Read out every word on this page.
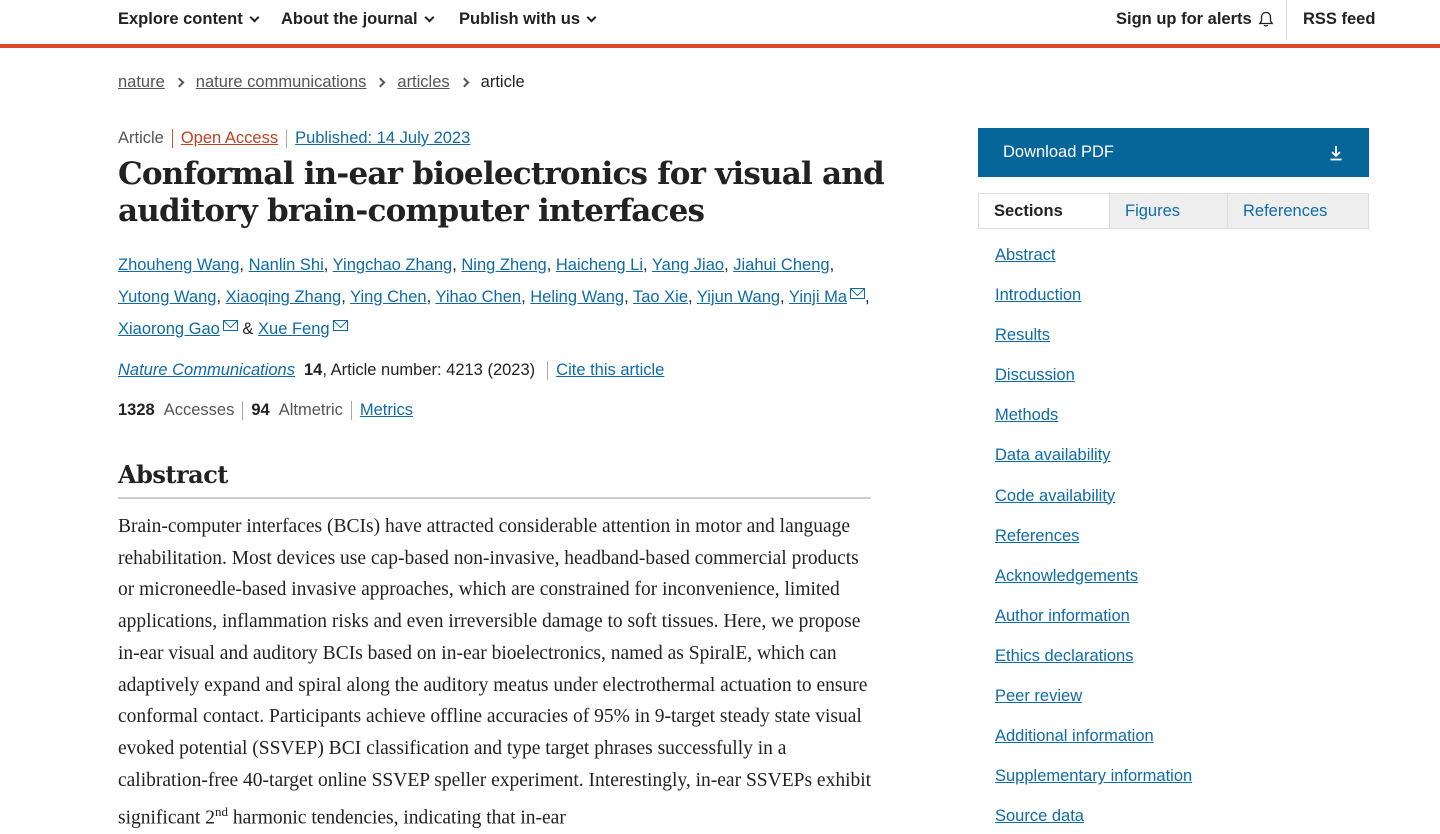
Explore content About the journal	Publish with us	Sign up for alerts	RSS feed
nature nature communications articles article
Article	Open Access	Published: 14 July 2023
Conformal in-ear bioelectronics for visual and auditory brain-computer interfaces
Zhouheng Wang, Nanlin Shi, Yingchao Zhang, Ning Zheng, Haicheng Li, Yang Jiao, Jiahui Cheng, Yutong Wang, Xiaoqing Zhang, Ying Chen, Yihao Chen, Heling Wang, Tao Xie, Yijun Wang, Yinji Ma , Xiaorong Gao & Xue Feng
Nature Communications 14 , Article number: 4213 (2023)	Cite this article
1328 Accesses	94 Altmetric	Metrics
Abstract

Brain-computer interfaces (BCIs) have attracted considerable attention in motor and language rehabilitation. Most devices use cap-based non-invasive, headband-based commercial products or microneedle-based invasive approaches, which are constrained for inconvenience, limited applications, inflammation risks and even irreversible damage to soft tissues. Here, we propose in-ear visual and auditory BCIs based on in-ear bioelectronics, named as SpiralE, which can adaptively expand and spiral along the auditory meatus under electrothermal actuation to ensure conformal contact. Participants achieve offline accuracies of 95% in 9-target steady state visual evoked potential (SSVEP) BCI classification and type target phrases successfully in a calibration-free 40-target online SSVEP speller experiment. Interestingly, in-ear SSVEPs exhibit significant 2nd harmonic tendencies, indicating that in-ear

Download PDF
Sections	Figures	References
Abstract
Introduction
Results
Discussion
Methods
Data availability
Code availability
References
Acknowledgements
Author information
Ethics declarations
Peer review
Additional information
Supplementary information
Source data
